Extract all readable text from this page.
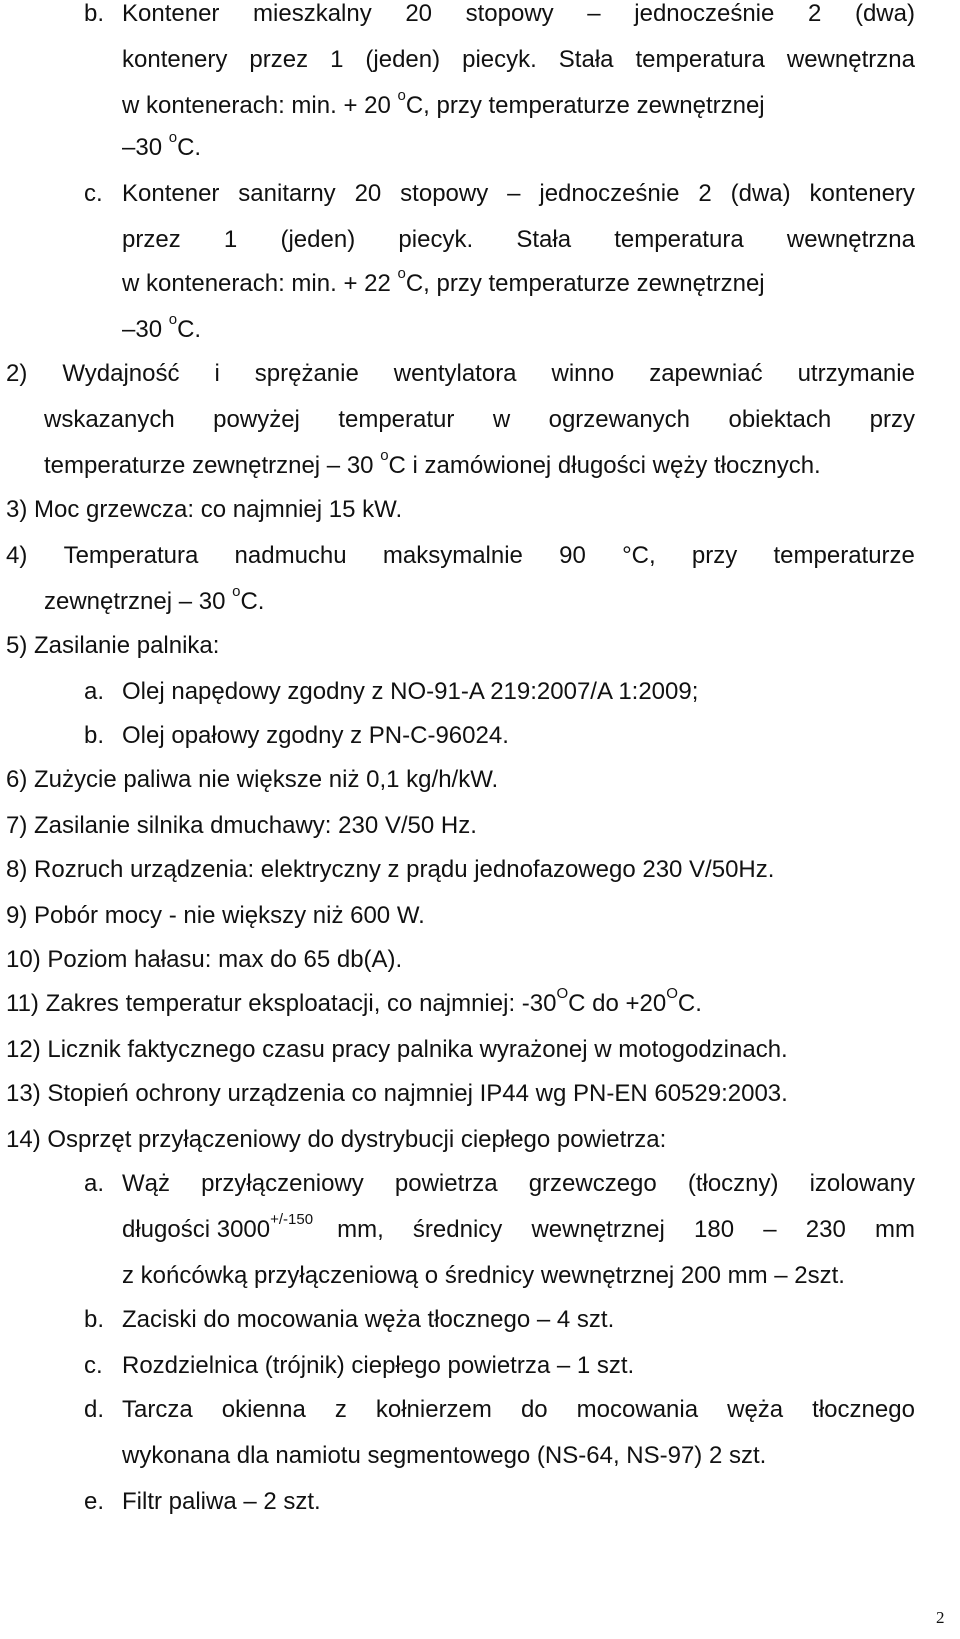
b. Kontener mieszkalny 20 stopowy – jednocześnie 2 (dwa)
kontenery przez 1 (jeden) piecyk. Stała temperatura wewnętrzna
w kontenerach: min. + 20 $^o$C, przy temperaturze zewnętrznej
–30 $^o$C.
c. Kontener sanitarny 20 stopowy – jednocześnie 2 (dwa) kontenery
przez 1 (jeden) piecyk. Stała temperatura wewnętrzna
w kontenerach: min. + 22 $^o$C, przy temperaturze zewnętrznej
–30 $^o$C.
2) Wydajność i sprężanie wentylatora winno zapewniać utrzymanie
wskazanych powyżej temperatur w ogrzewanych obiektach przy
temperaturze zewnętrznej – 30 $^o$C i zamówionej długości węży tłocznych.
3) Moc grzewcza: co najmniej 15 kW.
4) Temperatura nadmuchu maksymalnie 90 °C, przy temperaturze
zewnętrznej – 30 $^o$C.
5) Zasilanie palnika:
a. Olej napędowy zgodny z NO-91-A 219:2007/A 1:2009;
b. Olej opałowy zgodny z PN-C-96024.
6) Zużycie paliwa nie większe niż 0,1 kg/h/kW.
7) Zasilanie silnika dmuchawy: 230 V/50 Hz.
8) Rozruch urządzenia: elektryczny z prądu jednofazowego 230 V/50Hz.
9) Pobór mocy - nie większy niż 600 W.
10) Poziom hałasu: max do 65 db(A).
11) Zakres temperatur eksploatacji, co najmniej: $-30^OC$ do $+20^OC$.
12) Licznik faktycznego czasu pracy palnika wyrażonej w motogodzinach.
13) Stopień ochrony urządzenia co najmniej IP44 wg PN-EN 60529:2003.
14) Osprzęt przyłączeniowy do dystrybucji ciepłego powietrza:
a. Wąż przyłączeniowy powietrza grzewczego (tłoczny) izolowany
długości $3000^{+/-150}$ mm, średnicy wewnętrznej 180 – 230 mm
z końcówką przyłączeniową o średnicy wewnętrznej 200 mm – 2szt.
b. Zaciski do mocowania węża tłocznego – 4 szt.
c. Rozdzielnica (trójnik) ciepłego powietrza – 1 szt.
d. Tarcza okienna z kołnierzem do mocowania węża tłocznego
wykonana dla namiotu segmentowego (NS-64, NS-97) 2 szt.
e. Filtr paliwa – 2 szt.
2
